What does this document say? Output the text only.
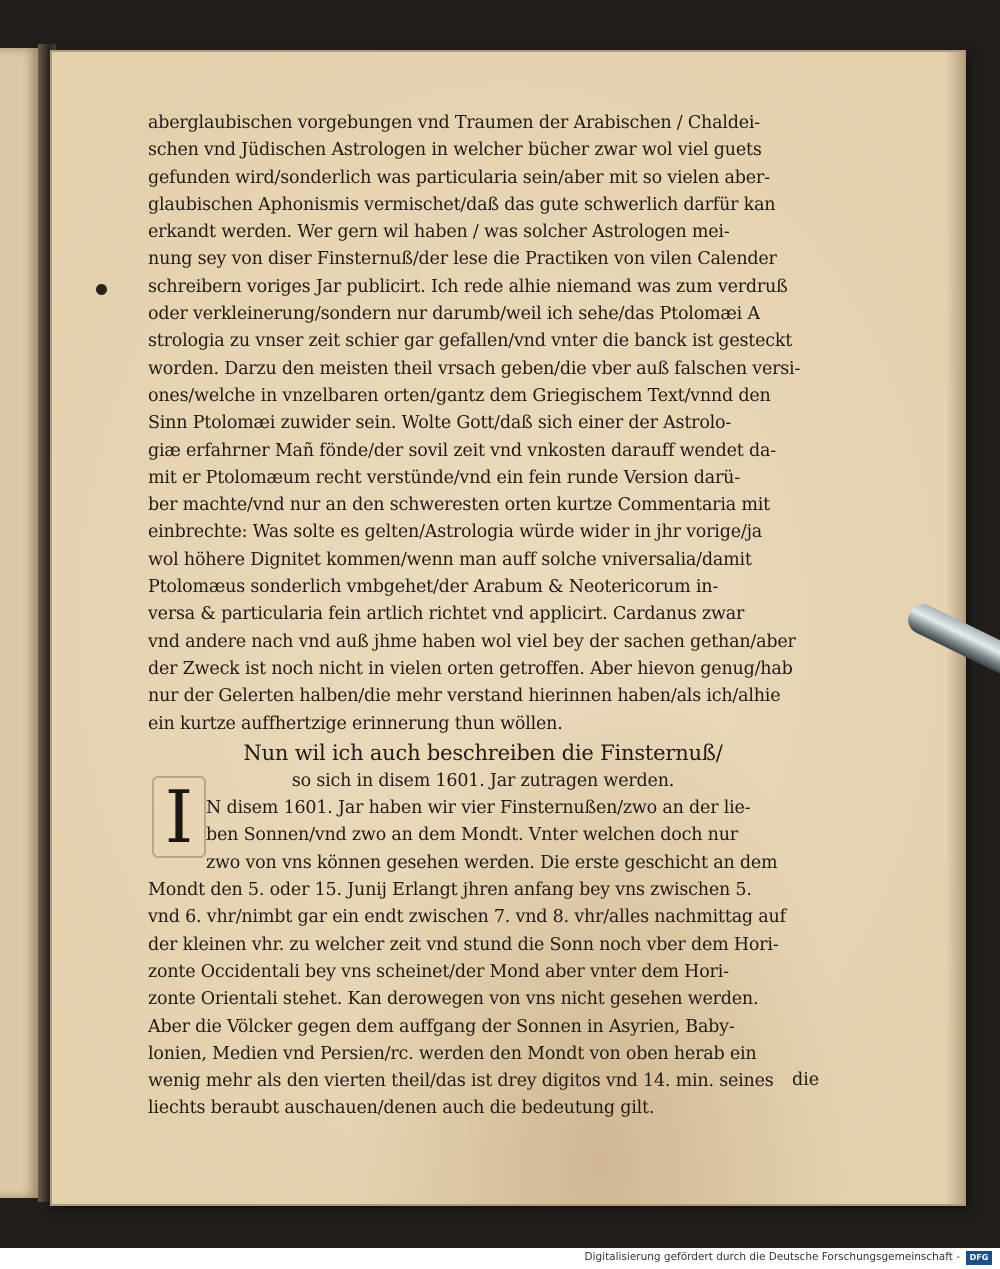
aberglaubischen vorgebungen vnd Traumen der Arabischen / Chaldei-
schen vnd Jüdischen Astrologen in welcher bücher zwar wol viel guets
gefunden wird/sonderlich was particularia sein/aber mit so vielen aber-
glaubischen Aphonismis vermischet/daß das gute schwerlich darfür kan
erkandt werden. Wer gern wil haben / was solcher Astrologen mei-
nung sey von diser Finsternuß/der lese die Practiken von vilen Calender
schreibern voriges Jar publicirt. Ich rede alhie niemand was zum verdruß
oder verkleinerung/sondern nur darumb/weil ich sehe/das Ptolomæi A
strologia zu vnser zeit schier gar gefallen/vnd vnter die banck ist gesteckt
worden. Darzu den meisten theil vrsach geben/die vber auß falschen versi-
ones/welche in vnzelbaren orten/gantz dem Griegischem Text/vnnd den
Sinn Ptolomæi zuwider sein. Wolte Gott/daß sich einer der Astrolo-
giæ erfahrner Mañ fönde/der sovil zeit vnd vnkosten darauff wendet da-
mit er Ptolomæum recht verstünde/vnd ein fein runde Version darü-
ber machte/vnd nur an den schweresten orten kurtze Commentaria mit
einbrechte: Was solte es gelten/Astrologia würde wider in jhr vorige/ja
wol höhere Dignitet kommen/wenn man auff solche vniversalia/damit
Ptolomæus sonderlich vmbgehet/der Arabum & Neotericorum in-
versa & particularia fein artlich richtet vnd applicirt. Cardanus zwar
vnd andere nach vnd auß jhme haben wol viel bey der sachen gethan/aber
der Zweck ist noch nicht in vielen orten getroffen. Aber hievon genug/hab
nur der Gelerten halben/die mehr verstand hierinnen haben/als ich/alhie
ein kurtze auffhertzige erinnerung thun wöllen.
Nun wil ich auch beschreiben die Finsternuß/
so sich in disem 1601. Jar zutragen werden.
N disem 1601. Jar haben wir vier Finsternußen/zwo an der lie-
ben Sonnen/vnd zwo an dem Mondt. Vnter welchen doch nur
zwo von vns können gesehen werden. Die erste geschicht an dem
Mondt den 5. oder 15. Junij Erlangt jhren anfang bey vns zwischen 5.
vnd 6. vhr/nimbt gar ein endt zwischen 7. vnd 8. vhr/alles nachmittag auf
der kleinen vhr. zu welcher zeit vnd stund die Sonn noch vber dem Hori-
zonte Occidentali bey vns scheinet/der Mond aber vnter dem Hori-
zonte Orientali stehet. Kan derowegen von vns nicht gesehen werden.
Aber die Völcker gegen dem auffgang der Sonnen in Asyrien, Baby-
lonien, Medien vnd Persien/rc. werden den Mondt von oben herab ein
wenig mehr als den vierten theil/das ist drey digitos vnd 14. min. seines
liechts beraubt auschauen/denen auch die bedeutung gilt.
I
die
Digitalisierung gefördert durch die Deutsche Forschungsgemeinschaft -	DFG
